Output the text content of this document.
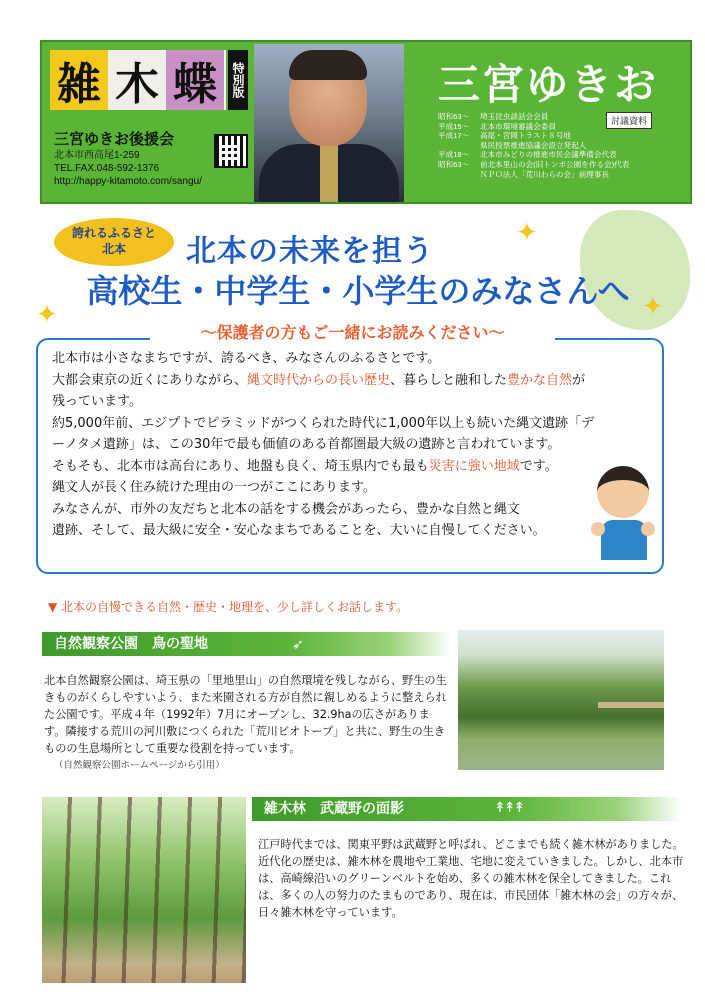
雑 木 蝶	特別版
三宮ゆきお後援会
北本市西高尾1-259
TEL.FAX.048-592-1376
http://happy-kitamoto.com/sangu/
三宮ゆきお
討議資料
昭和63〜 埼玉昆虫談話会会員
平成15〜 北本市環境審議会委員
平成17〜 高尾・宮岡トラスト８号地
県民投票推進協議会設立発起人
平成18〜 北本市みどりの推進市民会議準備会代表
昭和63〜 前北本里山の会(旧トンボ公園を作る会)代表
ＮＰＯ法人「荒川わらの会」前理事長
誇れるふるさと
北本
✦
✦
✦
北本の未来を担う
高校生・中学生・小学生のみなさんへ

北本市は小さなまちですが、誇るべき、みなさんのふるさとです。

大都会東京の近くにありながら、縄文時代からの長い歴史、暮らしと融和した豊かな自然が

残っています。

約5,000年前、エジプトでピラミッドがつくられた時代に1,000年以上も続いた縄文遺跡「デ

ーノタメ遺跡」は、この30年で最も価値のある首都圏最大級の遺跡と言われています。

そもそも、北本市は高台にあり、地盤も良く、埼玉県内でも最も災害に強い地域です。

縄文人が長く住み続けた理由の一つがここにあります。

みなさんが、市外の友だちと北本の話をする機会があったら、豊かな自然と縄文

遺跡、そして、最大級に安全・安心なまちであることを、大いに自慢してください。

〜保護者の方もご一緒にお読みください〜
▼ 北本の自慢できる自然・歴史・地理を、少し詳しくお話します。
自然観察公園　鳥の聖地	➶

北本自然観察公園は、埼玉県の「里地里山」の自然環境を残しながら、野生の生きものがくらしやすいよう、また来園される方が自然に親しめるように整えられた公園です。平成４年（1992年）7月にオープンし、32.9haの広さがあります。隣接する荒川の河川敷につくられた「荒川ビオトープ」と共に、野生の生きものの生息場所として重要な役割を持っています。

（自然観察公園ホームページから引用）
雑木林　武蔵野の面影	↟↟↟

江戸時代までは、関東平野は武蔵野と呼ばれ、どこまでも続く雑木林がありました。近代化の歴史は、雑木林を農地や工業地、宅地に変えていきました。しかし、北本市は、高崎線沿いのグリーンベルトを始め、多くの雑木林を保全してきました。これは、多くの人の努力のたまものであり、現在は、市民団体「雑木林の会」の方々が、日々雑木林を守っています。
